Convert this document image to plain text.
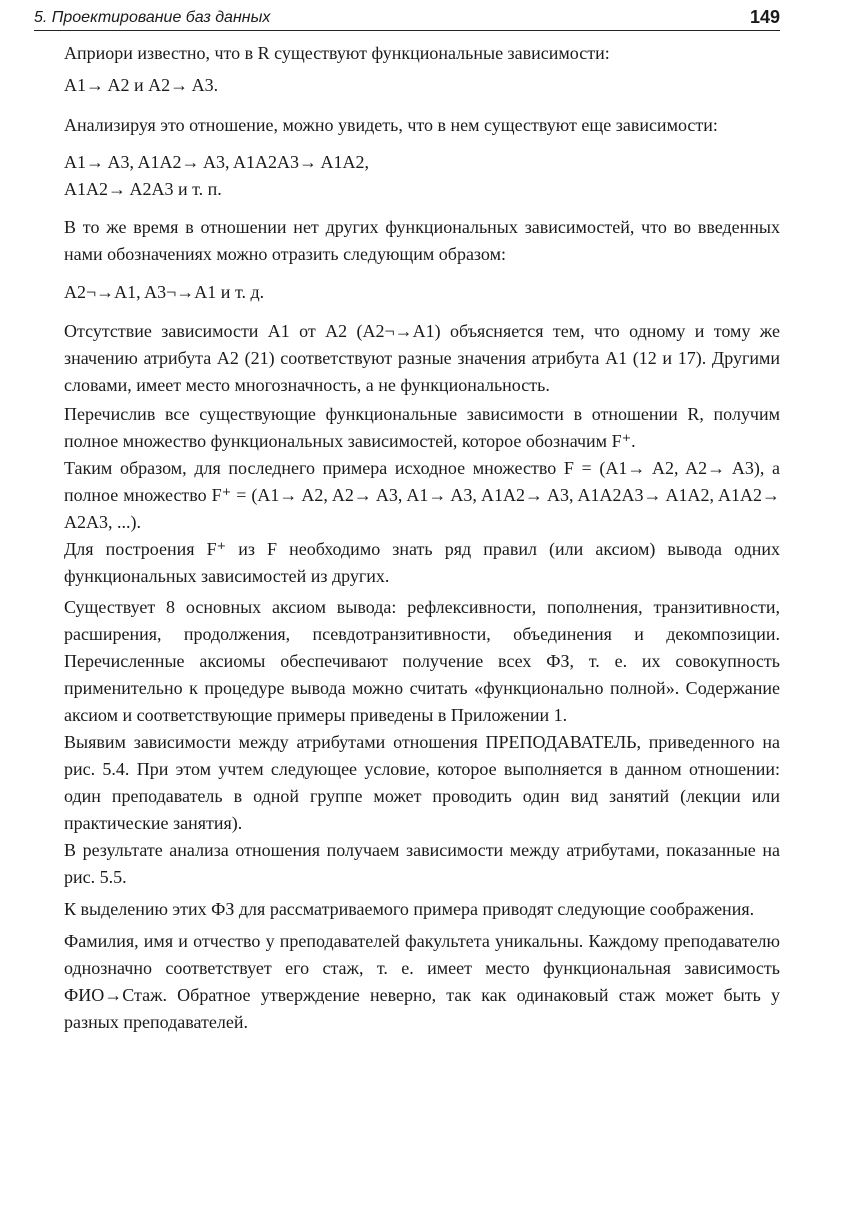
5. Проектирование баз данных	149

Априори известно, что в R существуют функциональные зависимости:

A1→ A2 и A2→ A3.

Анализируя это отношение, можно увидеть, что в нем существуют еще зависимости:

A1→ A3, A1A2→ A3, A1A2A3→ A1A2,

A1A2→ A2A3 и т. п.

В то же время в отношении нет других функциональных зависимостей, что во введенных нами обозначениях можно отразить следующим образом:

A2¬→A1, A3¬→A1 и т. д.

Отсутствие зависимости A1 от A2 (A2¬→A1) объясняется тем, что одному и тому же значению атрибута A2 (21) соответствуют разные значения атрибута A1 (12 и 17). Другими словами, имеет место многозначность, а не функциональность.

Перечислив все существующие функциональные зависимости в отношении R, получим полное множество функциональных зависимостей, которое обозначим F⁺.

Таким образом, для последнего примера исходное множество F = (A1→ A2, A2→ A3), а полное множество F⁺ = (A1→ A2, A2→ A3, A1→ A3, A1A2→ A3, A1A2A3→ A1A2, A1A2→ A2A3, ...).

Для построения F⁺ из F необходимо знать ряд правил (или аксиом) вывода одних функциональных зависимостей из других.

Существует 8 основных аксиом вывода: рефлексивности, пополнения, транзитивности, расширения, продолжения, псевдотранзитивности, объединения и декомпозиции. Перечисленные аксиомы обеспечивают получение всех ФЗ, т. е. их совокупность применительно к процедуре вывода можно считать «функционально полной». Содержание аксиом и соответствующие примеры приведены в Приложении 1.

Выявим зависимости между атрибутами отношения ПРЕПОДАВАТЕЛЬ, приведенного на рис. 5.4. При этом учтем следующее условие, которое выполняется в данном отношении: один преподаватель в одной группе может проводить один вид занятий (лекции или практические занятия).

В результате анализа отношения получаем зависимости между атрибутами, показанные на рис. 5.5.

К выделению этих ФЗ для рассматриваемого примера приводят следующие соображения.

Фамилия, имя и отчество у преподавателей факультета уникальны. Каждому преподавателю однозначно соответствует его стаж, т. е. имеет место функциональная зависимость ФИО→Стаж. Обратное утверждение неверно, так как одинаковый стаж может быть у разных преподавателей.
